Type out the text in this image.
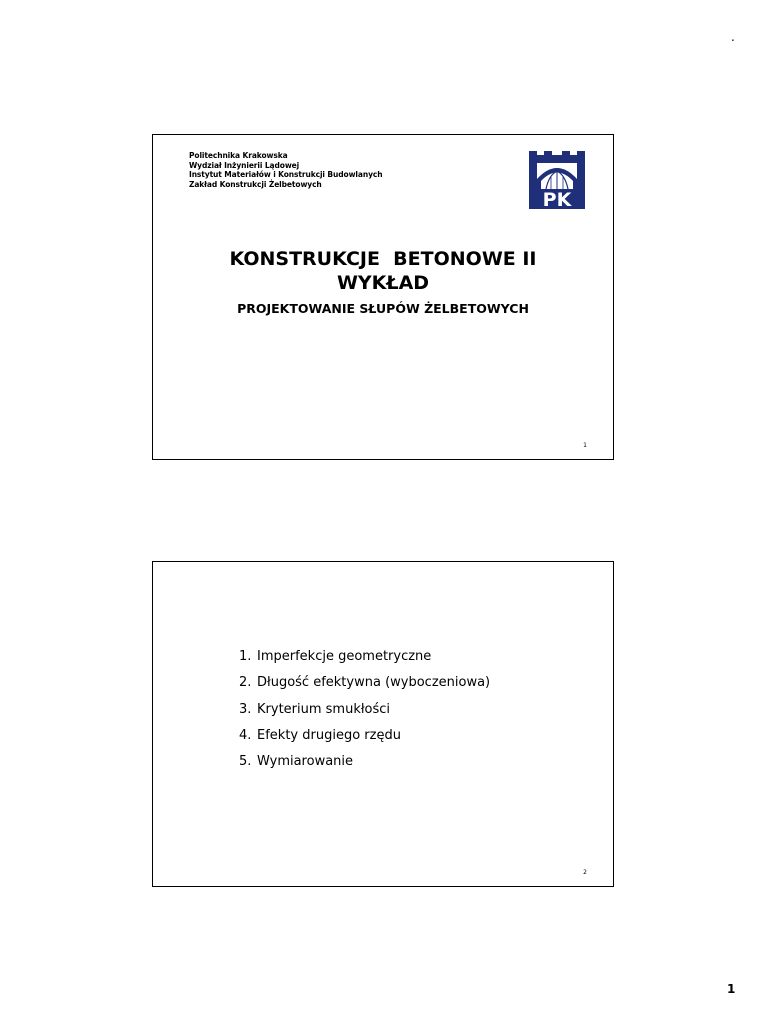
.
Politechnika Krakowska
Wydział Inżynierii Lądowej
Instytut Materiałów i Konstrukcji Budowlanych
Zakład Konstrukcji Żelbetowych
PK
KONSTRUKCJE  BETONOWE II
WYKŁAD
PROJEKTOWANIE SŁUPÓW ŻELBETOWYCH
1
1. Imperfekcje geometryczne
2. Długość efektywna (wyboczeniowa)
3. Kryterium smukłości
4. Efekty drugiego rzędu
5. Wymiarowanie
2
1
